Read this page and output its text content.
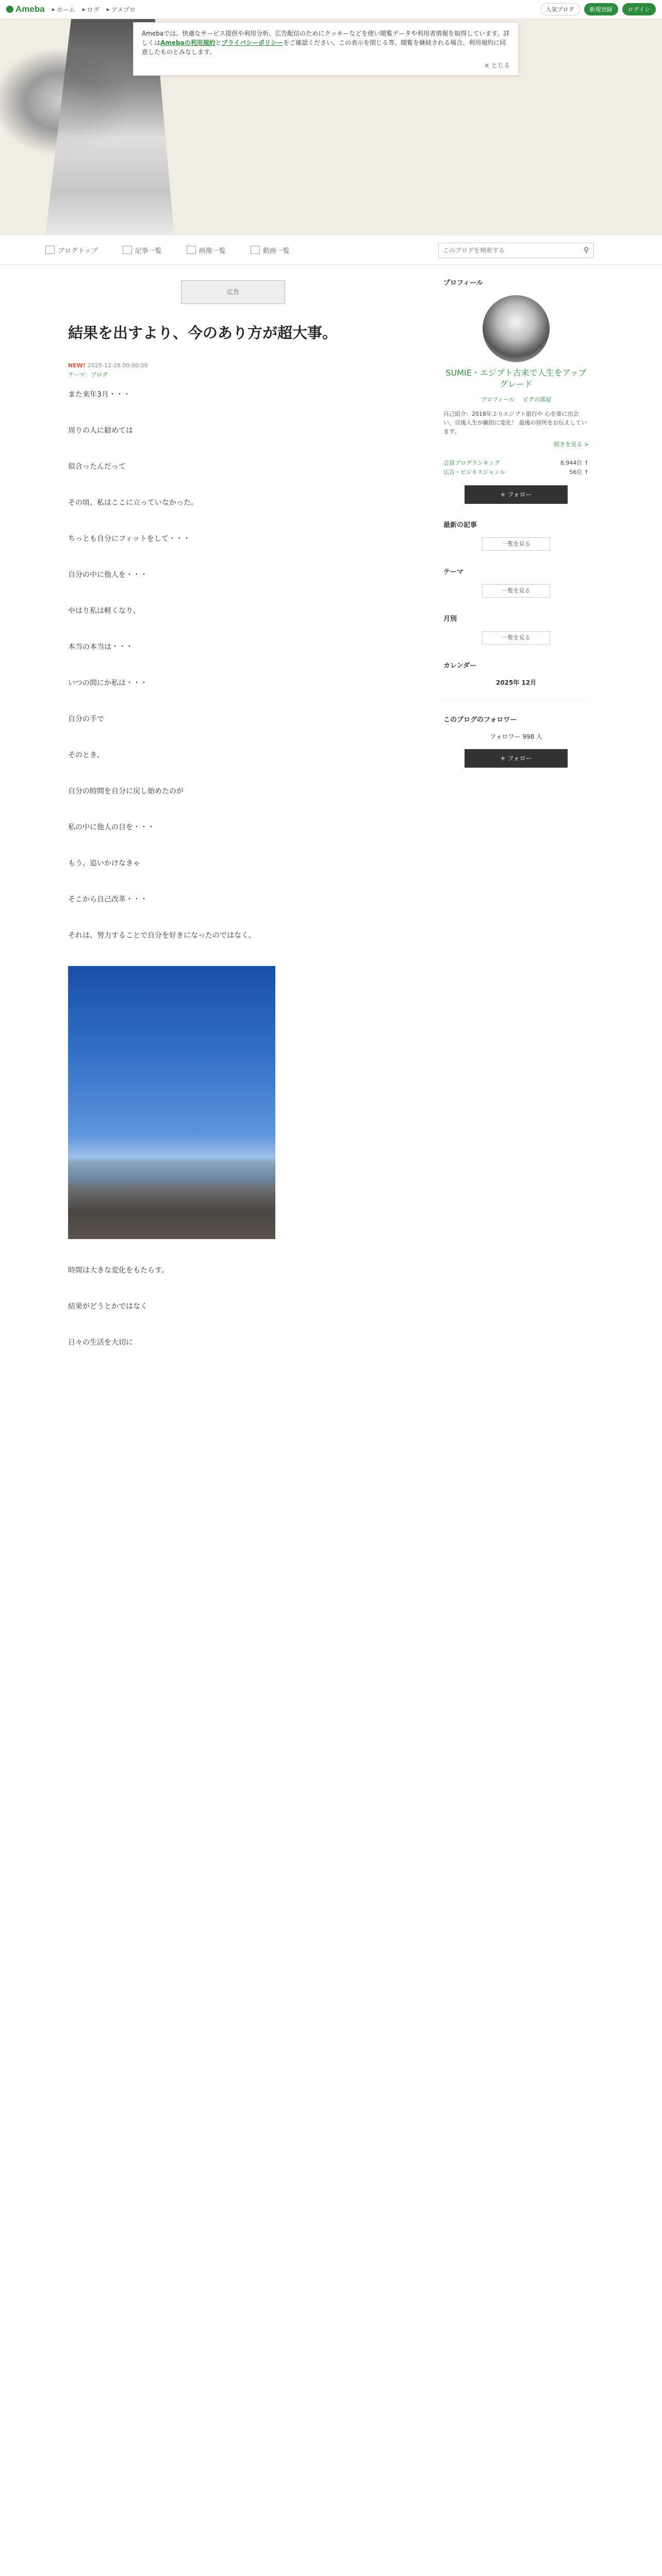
Ameba ▸ ホーム ▸ ログ ▸ アメブロ	人気ブログ	新規登録	ログイン
Amebaでは、快適なサービス提供や利用分析、広告配信のためにクッキーなどを使い閲覧データや利用者情報を取得しています。詳しくはAmebaの利用規約とプライバシーポリシーをご確認ください。この表示を閉じる等、閲覧を継続される場合、利用規約に同意したものとみなします。
× とじる
ブログトップ	記事一覧	画像一覧	動画一覧
このブログを検索する	⚲
広告
結果を出すより、今のあり方が超大事。
NEW! 2025-12-28 00:00:00
テーマ：ブログ

また来年3月・・・

周りの人に勧めては

似合ったんだって

その頃、私はここに立っていなかった。

ちっとも自分にフィットをして・・・

自分の中に他人を・・・

やはり私は軽くなり、

本当の本当は・・・

いつの間にか私は・・・

自分の手で

そのとき、

自分の時間を自分に戻し始めたのが

私の中に他人の目を・・・

もう、追いかけなきゃ

そこから自己改革・・・

それは、努力することで自分を好きになったのではなく、

時間は大きな変化をもたらす。

結果がどうとかではなく

日々の生活を大切に

プロフィール
SUMIE・エジプト古来で人生をアップグレード
プロフィール ピグの部屋
自己紹介：2018年よりエジプト旅行や 心を寄に出会い、以後人生が劇的に変化！ 最後の居所をお伝えしています。
続きを見る >
会員ブログランキング	8,944位 ↑
広告・ビジネスジャンル	56位 ↑
+ フォロー
最新の記事
一覧を見る
テーマ
一覧を見る
月別
一覧を見る
カレンダー
2025年 12月
このブログのフォロワー
フォロワー 998 人
+ フォロー
